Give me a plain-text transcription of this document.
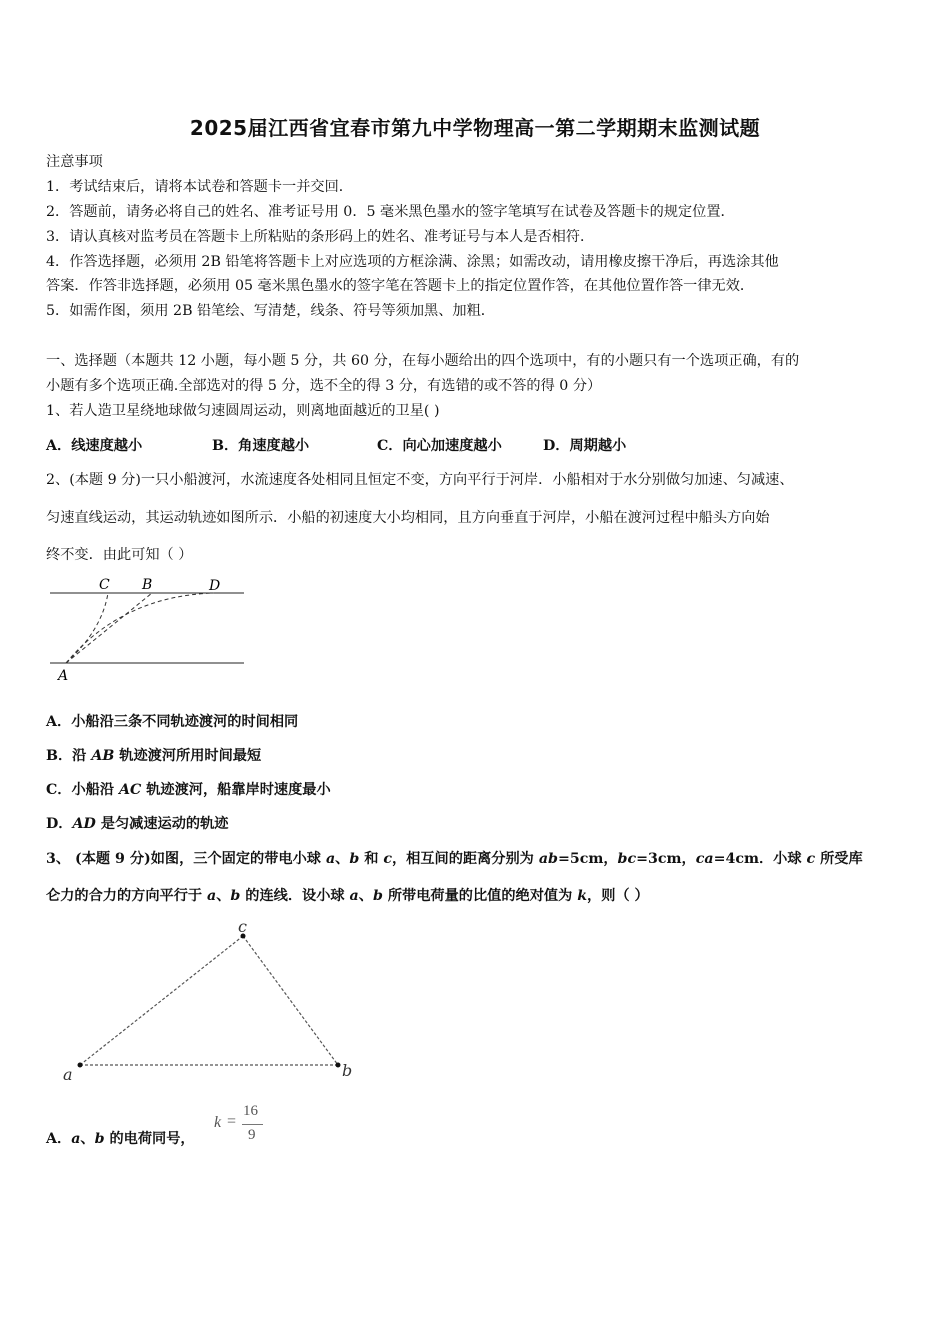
2025届江西省宜春市第九中学物理高一第二学期期末监测试题
注意事项
1．考试结束后，请将本试卷和答题卡一并交回．
2．答题前，请务必将自己的姓名、准考证号用 0．5 毫米黑色墨水的签字笔填写在试卷及答题卡的规定位置．
3．请认真核对监考员在答题卡上所粘贴的条形码上的姓名、准考证号与本人是否相符．
4．作答选择题，必须用 2B 铅笔将答题卡上对应选项的方框涂满、涂黑；如需改动，请用橡皮擦干净后，再选涂其他
答案．作答非选择题，必须用 05 毫米黑色墨水的签字笔在答题卡上的指定位置作答，在其他位置作答一律无效．
5．如需作图，须用 2B 铅笔绘、写清楚，线条、符号等须加黑、加粗．
一、选择题（本题共 12 小题，每小题 5 分，共 60 分，在每小题给出的四个选项中，有的小题只有一个选项正确，有的
小题有多个选项正确.全部选对的得 5 分，选不全的得 3 分，有选错的或不答的得 0 分）
1、若人造卫星绕地球做匀速圆周运动，则离地面越近的卫星( )
A．线速度越小	B．角速度越小	C．向心加速度越小	D．周期越小
2、(本题 9 分)一只小船渡河，水流速度各处相同且恒定不变，方向平行于河岸．小船相对于水分别做匀加速、匀减速、
匀速直线运动，其运动轨迹如图所示．小船的初速度大小均相同，且方向垂直于河岸，小船在渡河过程中船头方向始
终不变．由此可知（ ）
C B	D
A
A．小船沿三条不同轨迹渡河的时间相同
B．沿 AB 轨迹渡河所用时间最短
C．小船沿 AC 轨迹渡河，船靠岸时速度最小
D．AD 是匀减速运动的轨迹
3、 (本题 9 分)如图，三个固定的带电小球 a、b 和 c，相互间的距离分别为 ab=5cm，bc=3cm，ca=4cm．小球 c 所受库
仑力的合力的方向平行于 a、b 的连线．设小球 a、b 所带电荷量的比值的绝对值为 k，则（ ）
a
c
b
A．a、b 的电荷同号，
k =
16
9
